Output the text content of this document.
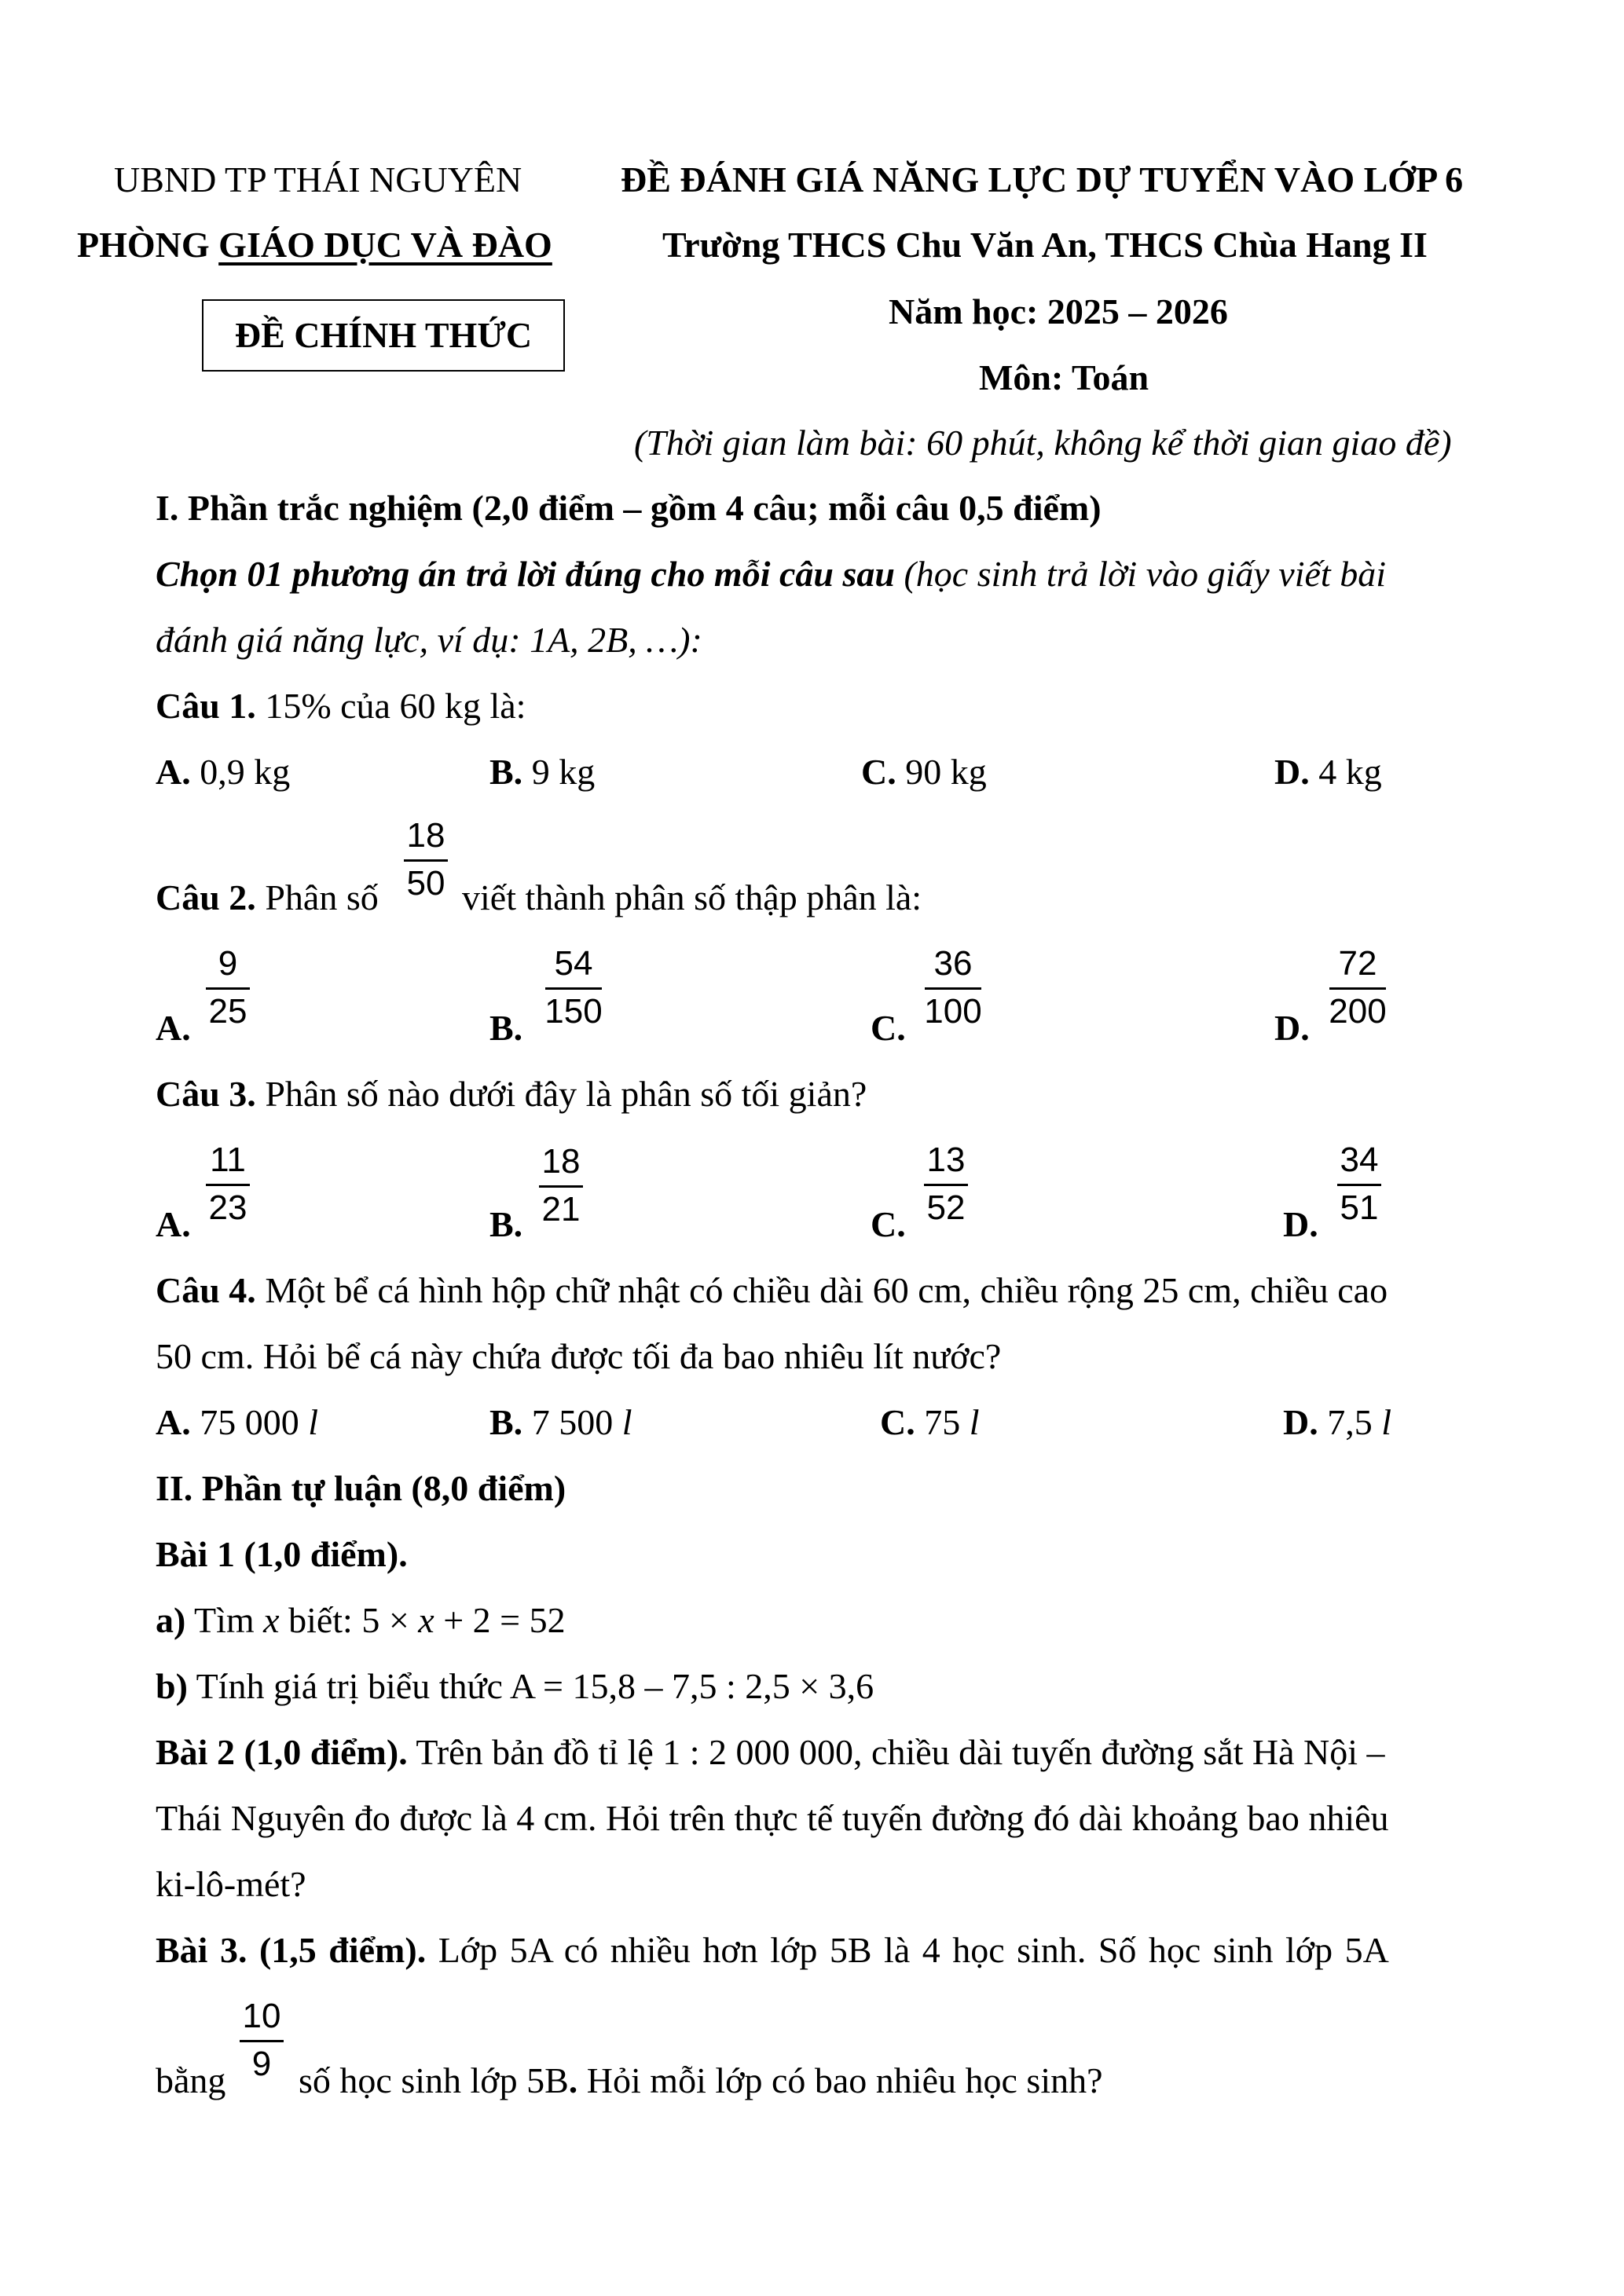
UBND TP THÁI NGUYÊN
PHÒNG GIÁO DỤC VÀ ĐÀO
ĐỀ CHÍNH THỨC
ĐỀ ĐÁNH GIÁ NĂNG LỰC DỰ TUYỂN VÀO LỚP 6
Trường THCS Chu Văn An, THCS Chùa Hang II
Năm học: 2025 – 2026
Môn: Toán
(Thời gian làm bài: 60 phút, không kể thời gian giao đề)
I. Phần trắc nghiệm (2,0 điểm – gồm 4 câu; mỗi câu 0,5 điểm)
Chọn 01 phương án trả lời đúng cho mỗi câu sau (học sinh trả lời vào giấy viết bài
đánh giá năng lực, ví dụ: 1A, 2B, …):
Câu 1. 15% của 60 kg là:
A. 0,9 kg	B. 9 kg	C. 90 kg	D. 4 kg
Câu 2. Phân số
18
50 viết thành phân số thập phân là:
A.
9
25	B.
54
150	C.
36
100	D.
72
200
Câu 3. Phân số nào dưới đây là phân số tối giản?
A.
11
23	B.
18
21	C.
13
52	D.
34
51
Câu 4. Một bể cá hình hộp chữ nhật có chiều dài 60 cm, chiều rộng 25 cm, chiều cao
50 cm. Hỏi bể cá này chứa được tối đa bao nhiêu lít nước?
A. 75 000 l	B. 7 500 l	C. 75 l	D. 7,5 l
II. Phần tự luận (8,0 điểm)
Bài 1 (1,0 điểm).
a) Tìm x biết: 5 × x + 2 = 52
b) Tính giá trị biểu thức A = 15,8 – 7,5 : 2,5 × 3,6
Bài 2 (1,0 điểm). Trên bản đồ tỉ lệ 1 : 2 000 000, chiều dài tuyến đường sắt Hà Nội –
Thái Nguyên đo được là 4 cm. Hỏi trên thực tế tuyến đường đó dài khoảng bao nhiêu
ki-lô-mét?
Bài 3. (1,5 điểm). Lớp 5A có nhiều hơn lớp 5B là 4 học sinh. Số học sinh lớp 5A
bằng
10
9 số học sinh lớp 5B. Hỏi mỗi lớp có bao nhiêu học sinh?
